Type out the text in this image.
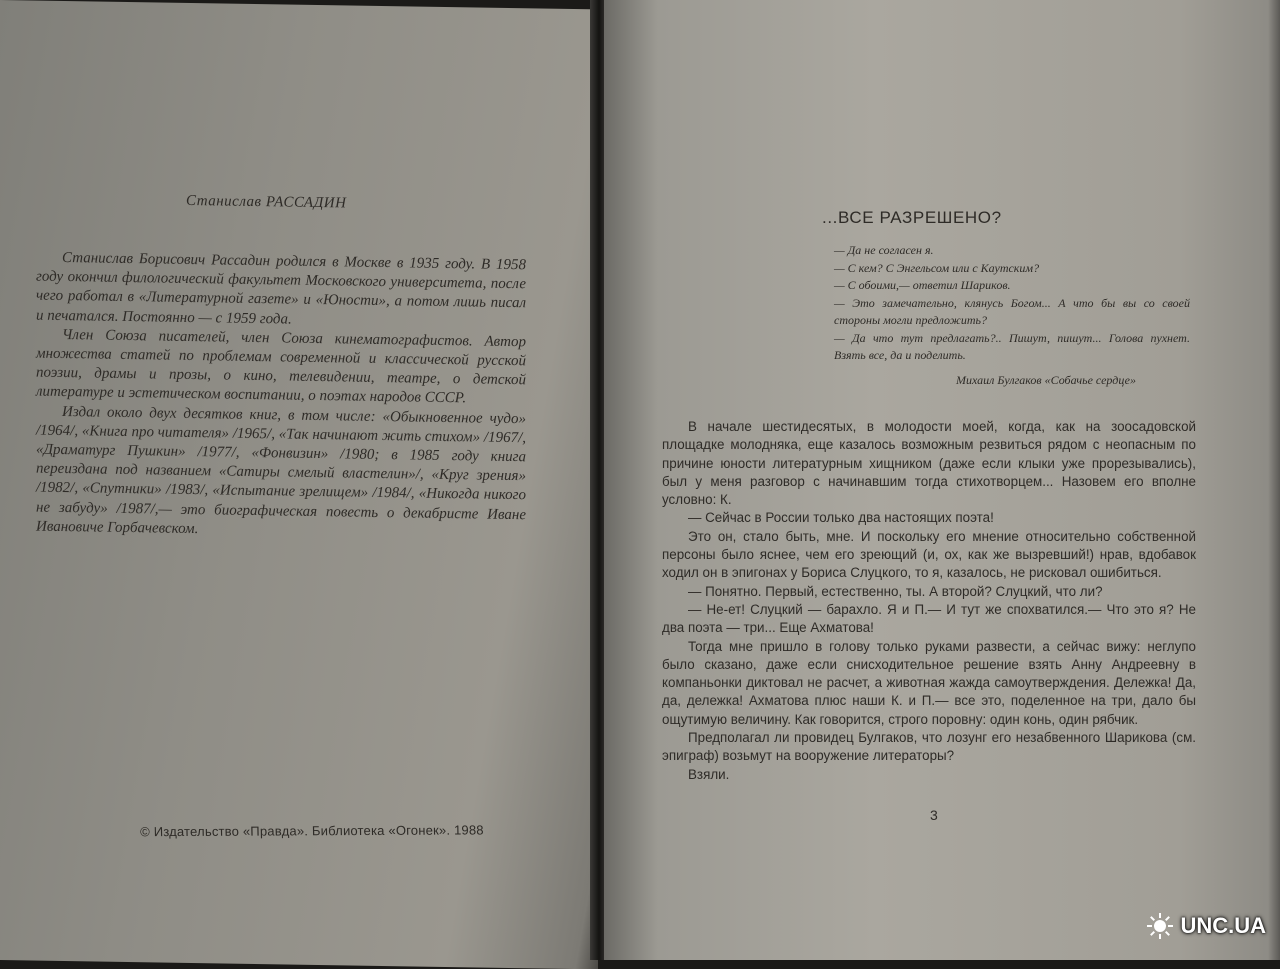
Станислав РАССАДИН

Станислав Борисович Рассадин родился в Москве в 1935 году. В 1958 году окончил филологический факультет Московского университета, после чего работал в «Литературной газете» и «Юности», а потом лишь писал и печатался. Постоянно — с 1959 года.

Член Союза писателей, член Союза кинематографистов. Автор множества статей по проблемам современной и классической русской поэзии, драмы и прозы, о кино, телевидении, театре, о детской литературе и эстетическом воспитании, о поэтах народов СССР.

Издал около двух десятков книг, в том числе: «Обыкновенное чудо» /1964/, «Книга про читателя» /1965/, «Так начинают жить стихом» /1967/, «Драматург Пушкин» /1977/, «Фонвизин» /1980; в 1985 году книга переиздана под названием «Сатиры смелый властелин»/, «Круг зрения» /1982/, «Спутники» /1983/, «Испытание зрелищем» /1984/, «Никогда никого не забуду» /1987/,— это биографическая повесть о декабристе Иване Ивановиче Горбачевском.

© Издательство «Правда». Библиотека «Огонек». 1988
...ВСЕ РАЗРЕШЕНО?

— Да не согласен я.

— С кем? С Энгельсом или с Каутским?

— С обоими,— ответил Шариков.

— Это замечательно, клянусь Богом... А что бы вы со своей стороны могли предложить?

— Да что тут предлагать?.. Пишут, пишут... Голова пухнет. Взять все, да и поделить.

Михаил Булгаков «Собачье сердце»

В начале шестидесятых, в молодости моей, когда, как на зоосадовской площадке молодняка, еще казалось возможным резвиться рядом с неопасным по причине юности литературным хищником (даже если клыки уже прорезывались), был у меня разговор с начинавшим тогда стихотворцем... Назовем его вполне условно: К.

— Сейчас в России только два настоящих поэта!

Это он, стало быть, мне. И поскольку его мнение относительно собственной персоны было яснее, чем его зреющий (и, ох, как же вызревший!) нрав, вдобавок ходил он в эпигонах у Бориса Слуцкого, то я, казалось, не рисковал ошибиться.

— Понятно. Первый, естественно, ты. А второй? Слуцкий, что ли?

— Не-ет! Слуцкий — барахло. Я и П.— И тут же спохватился.— Что это я? Не два поэта — три... Еще Ахматова!

Тогда мне пришло в голову только руками развести, а сейчас вижу: неглупо было сказано, даже если снисходительное решение взять Анну Андреевну в компаньонки диктовал не расчет, а животная жажда самоутверждения. Дележка! Да, да, дележка! Ахматова плюс наши К. и П.— все это, поделенное на три, дало бы ощутимую величину. Как говорится, строго поровну: один конь, один рябчик.

Предполагал ли провидец Булгаков, что лозунг его незабвенного Шарикова (см. эпиграф) возьмут на вооружение литераторы?

Взяли.

3
UNC.UA
